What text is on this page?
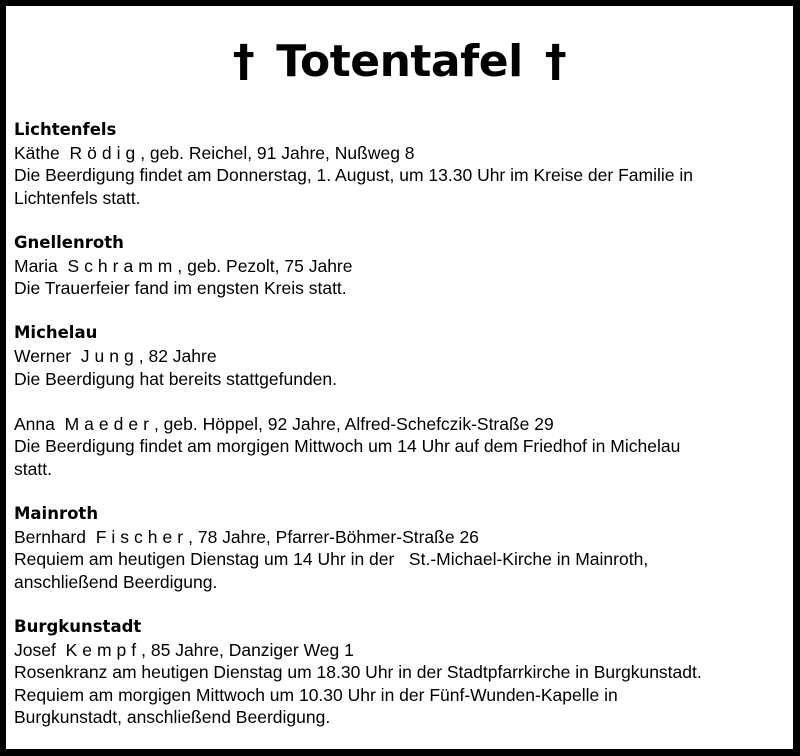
† Totentafel †
Lichtenfels
Käthe Rödig, geb. Reichel, 91 Jahre, Nußweg 8
Die Beerdigung findet am Donnerstag, 1. August, um 13.30 Uhr im Kreise der Familie in
Lichtenfels statt.
Gnellenroth
Maria Schramm, geb. Pezolt, 75 Jahre
Die Trauerfeier fand im engsten Kreis statt.
Michelau
Werner Jung, 82 Jahre
Die Beerdigung hat bereits stattgefunden.
Anna Maeder, geb. Höppel, 92 Jahre, Alfred-Schefczik-Straße 29
Die Beerdigung findet am morgigen Mittwoch um 14 Uhr auf dem Friedhof in Michelau
statt.
Mainroth
Bernhard Fischer, 78 Jahre, Pfarrer-Böhmer-Straße 26
Requiem am heutigen Dienstag um 14 Uhr in der   St.-Michael-Kirche in Mainroth,
anschließend Beerdigung.
Burgkunstadt
Josef Kempf, 85 Jahre, Danziger Weg 1
Rosenkranz am heutigen Dienstag um 18.30 Uhr in der Stadtpfarrkirche in Burgkunstadt.
Requiem am morgigen Mittwoch um 10.30 Uhr in der Fünf-Wunden-Kapelle in
Burgkunstadt, anschließend Beerdigung.
